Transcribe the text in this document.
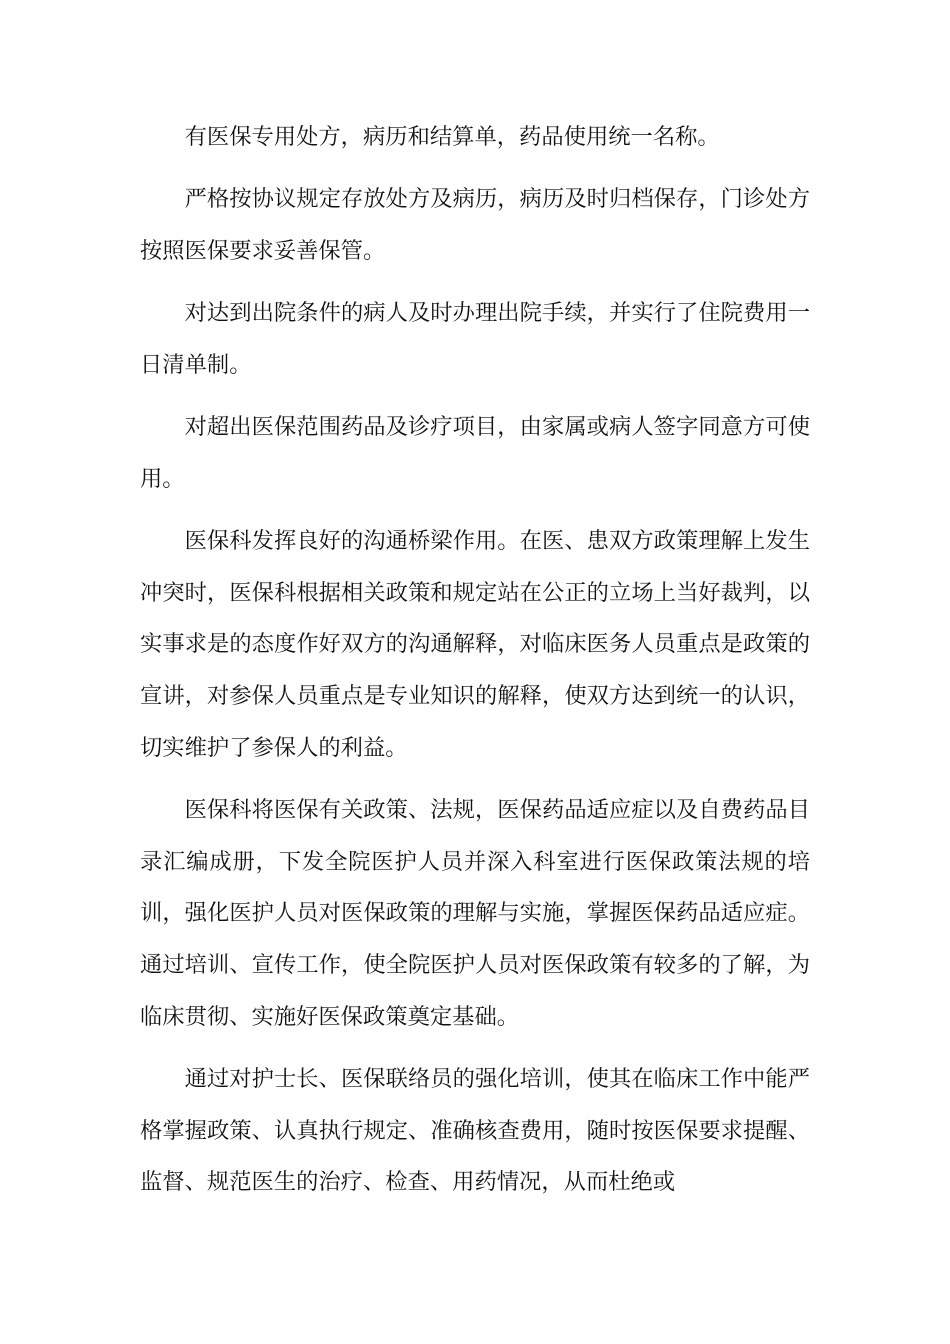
有医保专用处方，病历和结算单，药品使用统一名称。

严格按协议规定存放处方及病历，病历及时归档保存，门诊处方按照医保要求妥善保管。

对达到出院条件的病人及时办理出院手续，并实行了住院费用一日清单制。

对超出医保范围药品及诊疗项目，由家属或病人签字同意方可使用。

医保科发挥良好的沟通桥梁作用。在医、患双方政策理解上发生冲突时，医保科根据相关政策和规定站在公正的立场上当好裁判，以实事求是的态度作好双方的沟通解释，对临床医务人员重点是政策的宣讲，对参保人员重点是专业知识的解释，使双方达到统一的认识，切实维护了参保人的利益。

医保科将医保有关政策、法规，医保药品适应症以及自费药品目录汇编成册，下发全院医护人员并深入科室进行医保政策法规的培训，强化医护人员对医保政策的理解与实施，掌握医保药品适应症。通过培训、宣传工作，使全院医护人员对医保政策有较多的了解，为临床贯彻、实施好医保政策奠定基础。

通过对护士长、医保联络员的强化培训，使其在临床工作中能严格掌握政策、认真执行规定、准确核查费用，随时按医保要求提醒、监督、规范医生的治疗、检查、用药情况，从而杜绝或
